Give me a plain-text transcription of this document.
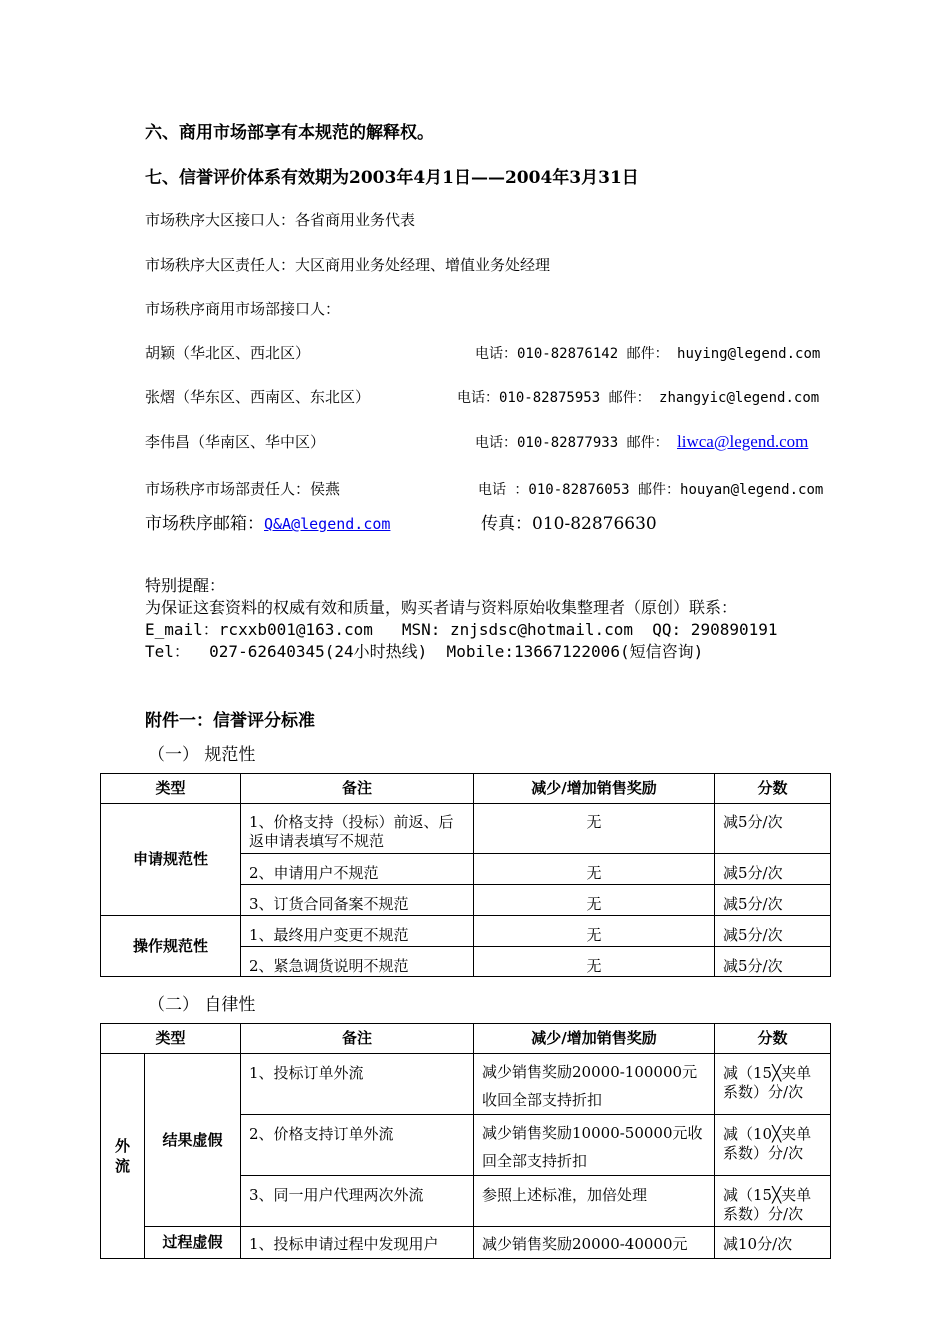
六、商用市场部享有本规范的解释权。
七、信誉评价体系有效期为2003年4月1日——2004年3月31日
市场秩序大区接口人：各省商用业务代表
市场秩序大区责任人：大区商用业务处经理、增值业务处经理
市场秩序商用市场部接口人：
胡颖（华北区、西北区）	电话：010-82876142 邮件： huying@legend.com
张熠（华东区、西南区、东北区）	电话：010-82875953 邮件： zhangyic@legend.com
李伟昌（华南区、华中区）	电话：010-82877933 邮件： liwca@legend.com
市场秩序市场部责任人：侯燕	电话 ：010-82876053 邮件：houyan@legend.com
市场秩序邮箱：Q&A@legend.com	传真：010-82876630
特别提醒：
为保证这套资料的权威有效和质量，购买者请与资料原始收集整理者（原创）联系：
E_mail：rcxxb001@163.com   MSN: znjsdsc@hotmail.com  QQ: 290890191
Tel：  027-62640345(24小时热线)  Mobile:13667122006(短信咨询)
附件一：信誉评分标准
（一） 规范性
类型	备注	减少/增加销售奖励	分数
申请规范性	1、价格支持（投标）前返、后返申请表填写不规范	无	减5分/次
	2、申请用户不规范	无	减5分/次
	3、订货合同备案不规范	无	减5分/次
操作规范性	1、最终用户变更不规范	无	减5分/次
	2、紧急调货说明不规范	无	减5分/次
（二） 自律性
类型		备注	减少/增加销售奖励	分数
外流	结果虚假	1、投标订单外流	减少销售奖励20000-100000元收回全部支持折扣	减（15╳夹单系数）分/次
		2、价格支持订单外流	减少销售奖励10000-50000元收回全部支持折扣	减（10╳夹单系数）分/次
		3、同一用户代理两次外流	参照上述标准，加倍处理	减（15╳夹单系数）分/次
	过程虚假	1、投标申请过程中发现用户	减少销售奖励20000-40000元	减10分/次
